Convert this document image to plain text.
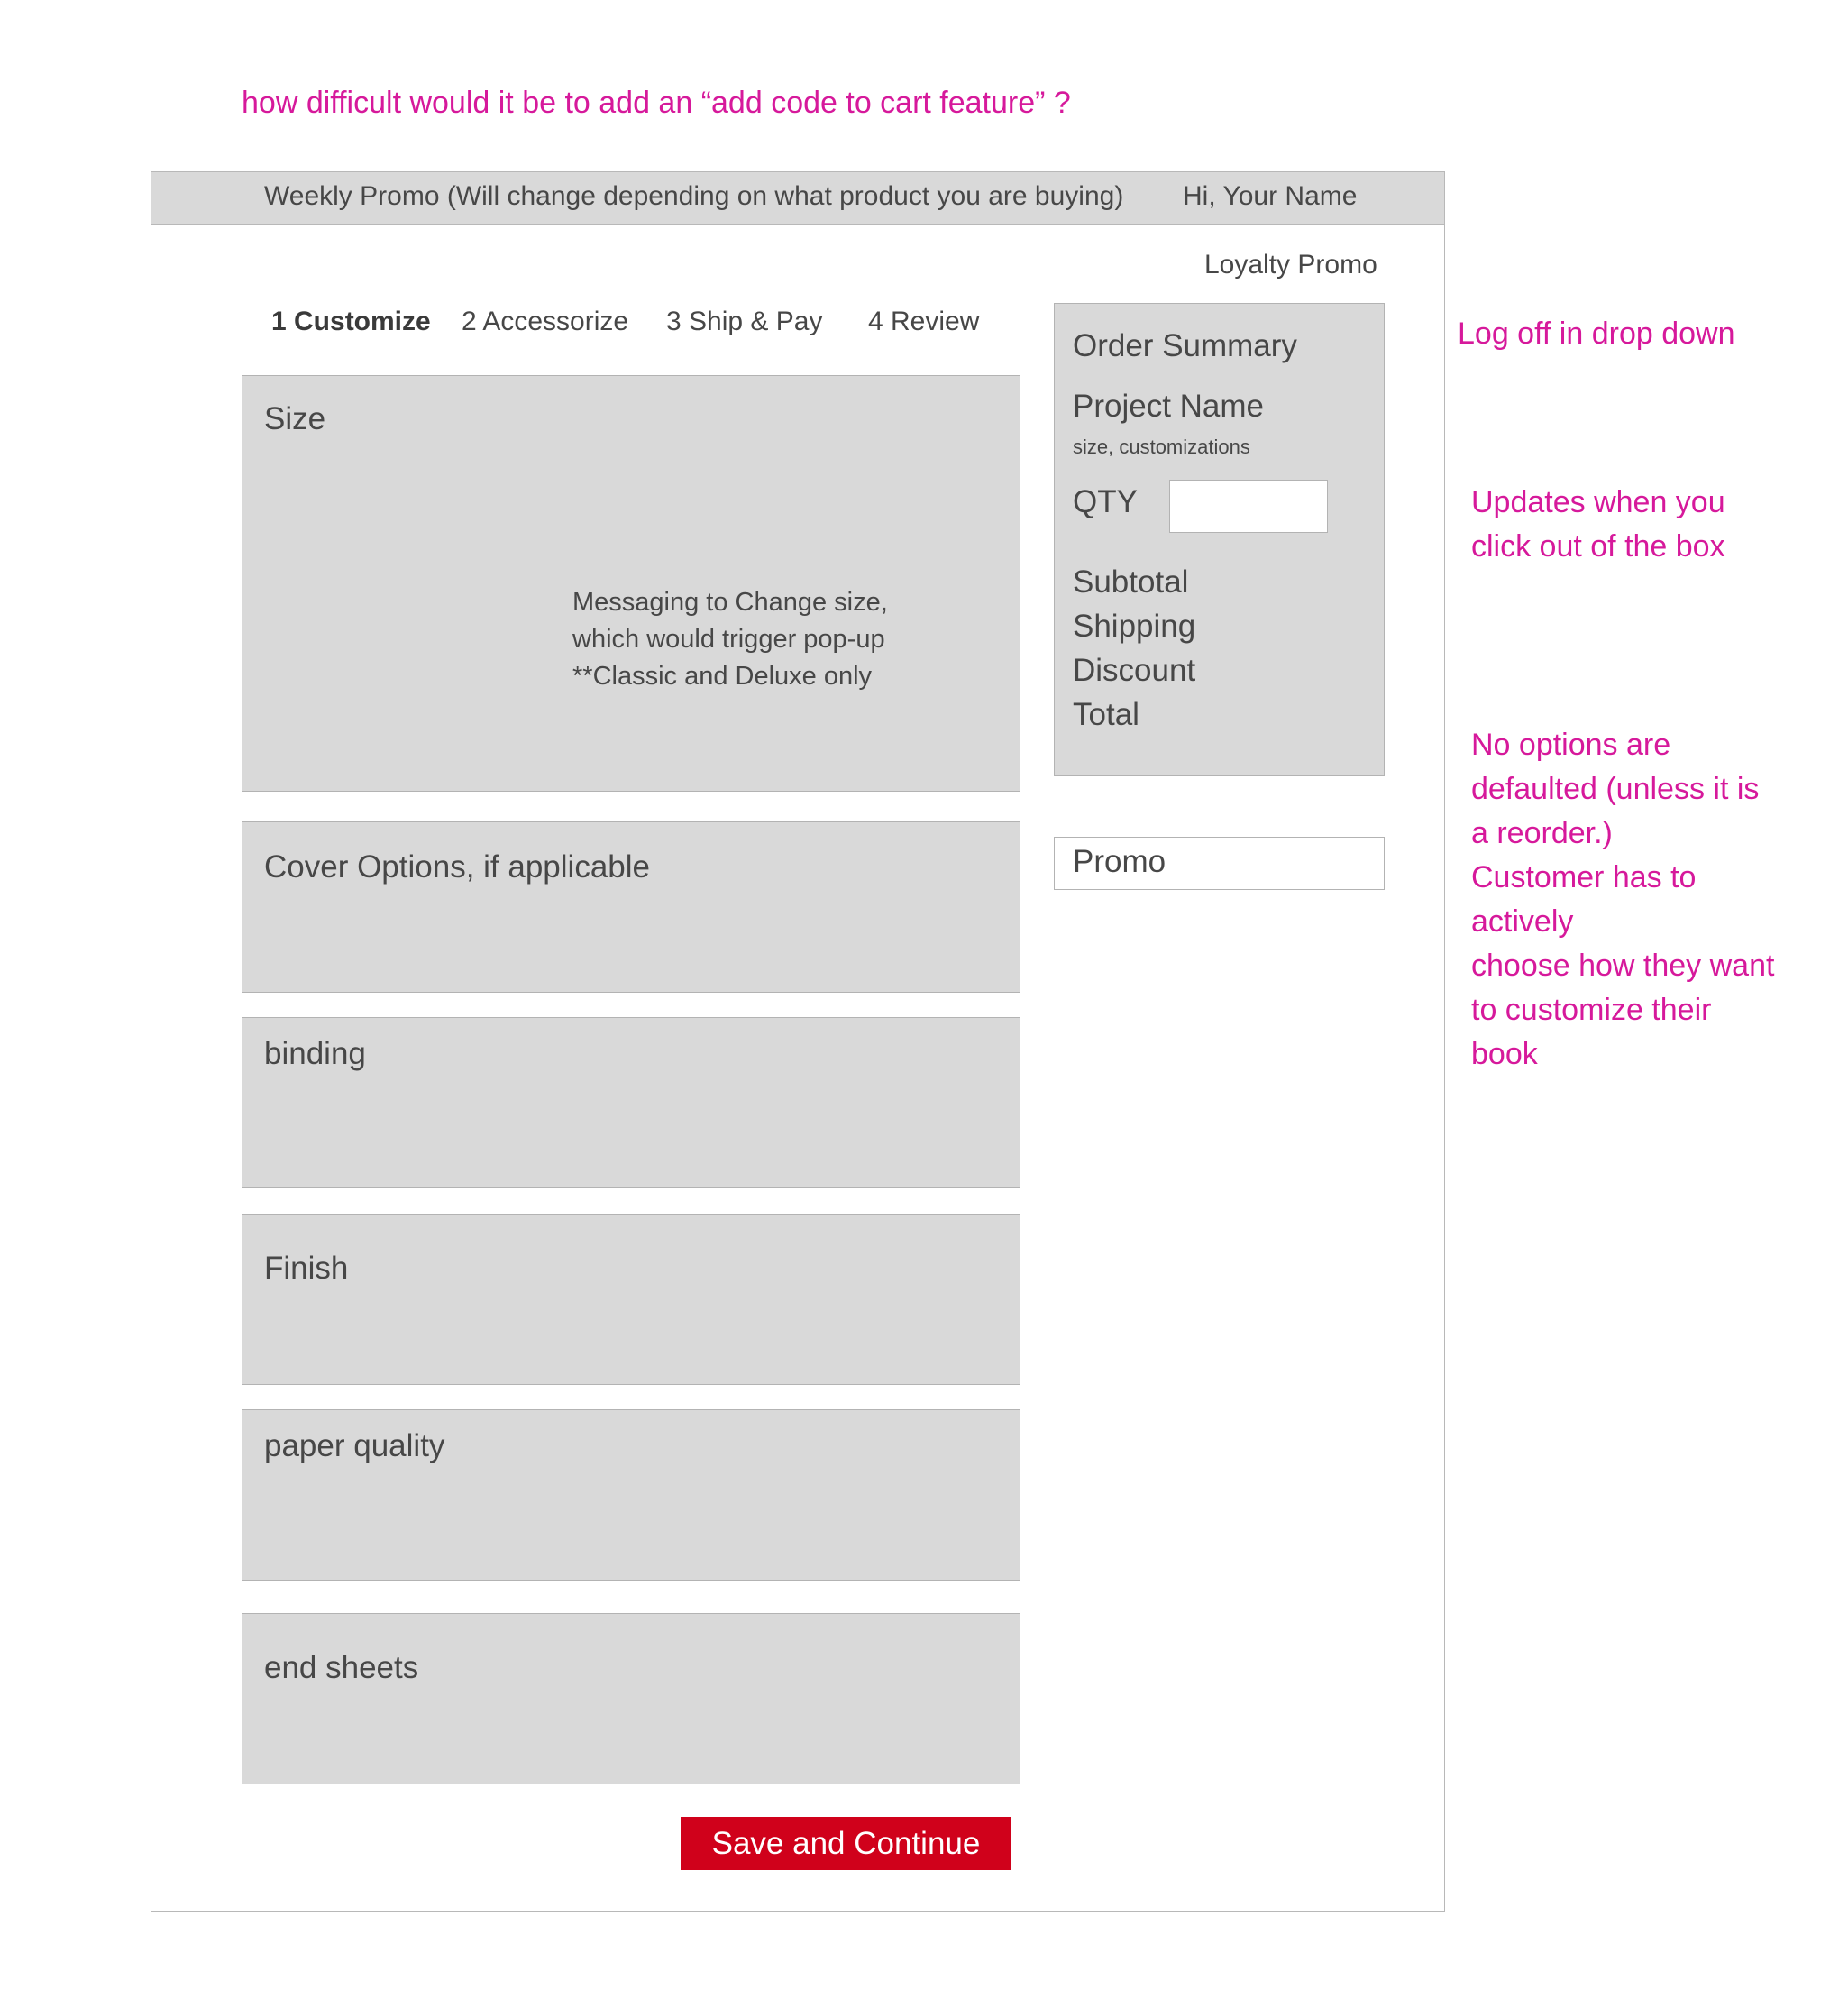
how difficult would it be to add an “add code to cart feature” ?
Log off in drop down
Updates when you
click out of the box
No options are
defaulted (unless it is
a reorder.)
Customer has to
actively
choose how they want
to customize their
book
Weekly Promo (Will change depending on what product you are buying) Hi, Your Name
Loyalty Promo
1 Customize 2 Accessorize 3 Ship & Pay 4 Review
Size
Messaging to Change size,
which would trigger pop-up
**Classic and Deluxe only
Cover Options, if applicable
binding
Finish
paper quality
end sheets
Order Summary
Project Name
size, customizations
QTY
Subtotal
Shipping
Discount
Total
Promo
Save and Continue
